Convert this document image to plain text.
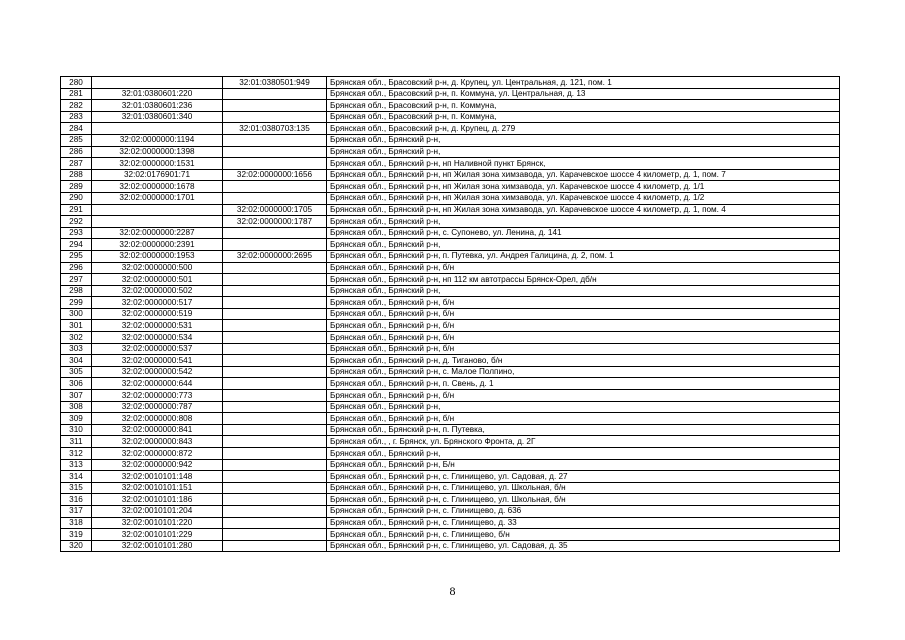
280		32:01:0380501:949	Брянская обл., Брасовский р-н, д. Крупец, ул. Центральная, д. 121, пом. 1
281	32:01:0380601:220		Брянская обл., Брасовский р-н, п. Коммуна, ул. Центральная, д. 13
282	32:01:0380601:236		Брянская обл., Брасовский р-н, п. Коммуна,
283	32:01:0380601:340		Брянская обл., Брасовский р-н, п. Коммуна,
284		32:01:0380703:135	Брянская обл., Брасовский р-н, д. Крупец, д. 279
285	32:02:0000000:1194		Брянская обл., Брянский р-н,
286	32:02:0000000:1398		Брянская обл., Брянский р-н,
287	32:02:0000000:1531		Брянская обл., Брянский р-н, нп Наливной пункт Брянск,
288	32:02:0176901:71	32:02:0000000:1656	Брянская обл., Брянский р-н, нп Жилая зона химзавода, ул. Карачевское шоссе 4 километр, д. 1, пом. 7
289	32:02:0000000:1678		Брянская обл., Брянский р-н, нп Жилая зона химзавода, ул. Карачевское шоссе 4 километр, д. 1/1
290	32:02:0000000:1701		Брянская обл., Брянский р-н, нп Жилая зона химзавода, ул. Карачевское шоссе 4 километр, д. 1/2
291		32:02:0000000:1705	Брянская обл., Брянский р-н, нп Жилая зона химзавода, ул. Карачевское шоссе 4 километр, д. 1, пом. 4
292		32:02:0000000:1787	Брянская обл., Брянский р-н,
293	32:02:0000000:2287		Брянская обл., Брянский р-н, с. Супонево, ул. Ленина, д. 141
294	32:02:0000000:2391		Брянская обл., Брянский р-н,
295	32:02:0000000:1953	32:02:0000000:2695	Брянская обл., Брянский р-н, п. Путевка, ул. Андрея Галицина, д. 2, пом. 1
296	32:02:0000000:500		Брянская обл., Брянский р-н, б/н
297	32:02:0000000:501		Брянская обл., Брянский р-н, нп 112 км автотрассы Брянск-Орел, дб/н
298	32:02:0000000:502		Брянская обл., Брянский р-н,
299	32:02:0000000:517		Брянская обл., Брянский р-н, б/н
300	32:02:0000000:519		Брянская обл., Брянский р-н, б/н
301	32:02:0000000:531		Брянская обл., Брянский р-н, б/н
302	32:02:0000000:534		Брянская обл., Брянский р-н, б/н
303	32:02:0000000:537		Брянская обл., Брянский р-н, б/н
304	32:02:0000000:541		Брянская обл., Брянский р-н, д. Тиганово, б/н
305	32:02:0000000:542		Брянская обл., Брянский р-н, с. Малое Полпино,
306	32:02:0000000:644		Брянская обл., Брянский р-н, п. Свень, д. 1
307	32:02:0000000:773		Брянская обл., Брянский р-н, б/н
308	32:02:0000000:787		Брянская обл., Брянский р-н,
309	32:02:0000000:808		Брянская обл., Брянский р-н, б/н
310	32:02:0000000:841		Брянская обл., Брянский р-н, п. Путевка,
311	32:02:0000000:843		Брянская обл., , г. Брянск, ул. Брянского Фронта, д. 2Г
312	32:02:0000000:872		Брянская обл., Брянский р-н,
313	32:02:0000000:942		Брянская обл., Брянский р-н, Б/н
314	32:02:0010101:148		Брянская обл., Брянский р-н, с. Глинищево, ул. Садовая, д. 27
315	32:02:0010101:151		Брянская обл., Брянский р-н, с. Глинищево, ул. Школьная, б/н
316	32:02:0010101:186		Брянская обл., Брянский р-н, с. Глинищево, ул. Школьная, б/н
317	32:02:0010101:204		Брянская обл., Брянский р-н, с. Глинищево, д. 636
318	32:02:0010101:220		Брянская обл., Брянский р-н, с. Глинищево, д. 33
319	32:02:0010101:229		Брянская обл., Брянский р-н, с. Глинищево, б/н
320	32:02:0010101:280		Брянская обл., Брянский р-н, с. Глинищево, ул. Садовая, д. 35
8
